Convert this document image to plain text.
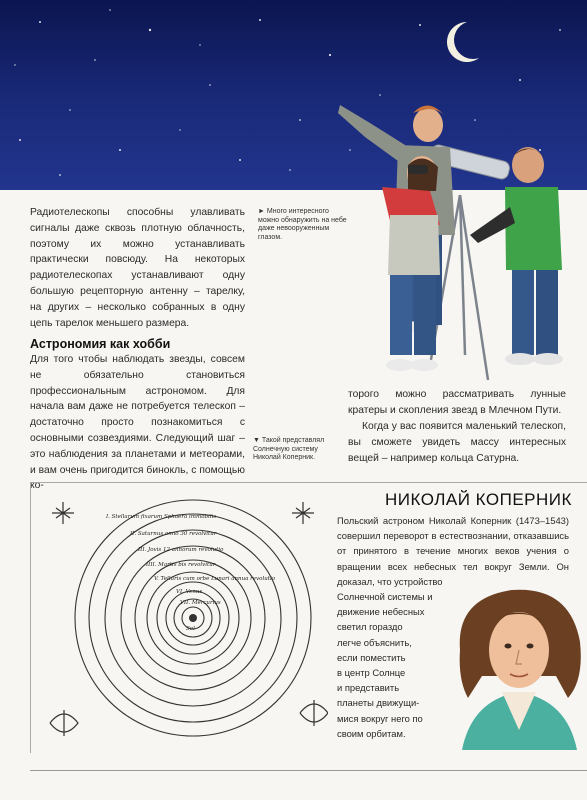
Радиотелескопы способны улавливать сигналы даже сквозь плотную облачность, поэтому их можно устанавливать практически повсюду. На некоторых радиотелескопах устанавливают одну большую рецепторную антенну – тарелку, на других – несколько собранных в одну цепь тарелок меньшего размера.
► Много интересного можно обнаружить на небе даже невооруженным глазом.
Астрономия как хобби
Для того чтобы наблюдать звезды, совсем не обязательно становиться профессиональным астрономом. Для начала вам даже не потребуется телескоп – достаточно просто познакомиться с основными созвездиями. Следующий шаг – это наблюдения за планетами и метеорами, и вам очень пригодится бинокль, с помощью ко-
▼ Такой представлял Солнечную систему Николай Коперник.
торого можно рассматривать лунные кратеры и скопления звезд в Млечном Пути.
Когда у вас появится маленький телескоп, вы сможете увидеть массу интересных вещей – например кольца Сатурна.
I. Stellarum fixarum Sphaera immobilis
II. Saturnus anno 30 revolvitur
III. Jovis 12 annorum revolutio
IIII. Martis bis revolvitur
V. Telluris cum orbe Lunari annua revolutio
VI. Venus
VII. Mercurius
Sol
НИКОЛАЙ КОПЕРНИК
Польский астроном Николай Коперник (1473–1543) совершил переворот в естествознании, отказавшись от принятого в течение многих веков учения о вращении всех небесных тел вокруг Земли. Он доказал, что устройство
Солнечной системы и
движение небесных
светил гораздо
легче объяснить,
если поместить
в центр Солнце
и представить
планеты движущи-
мися вокруг него по
своим орбитам.
